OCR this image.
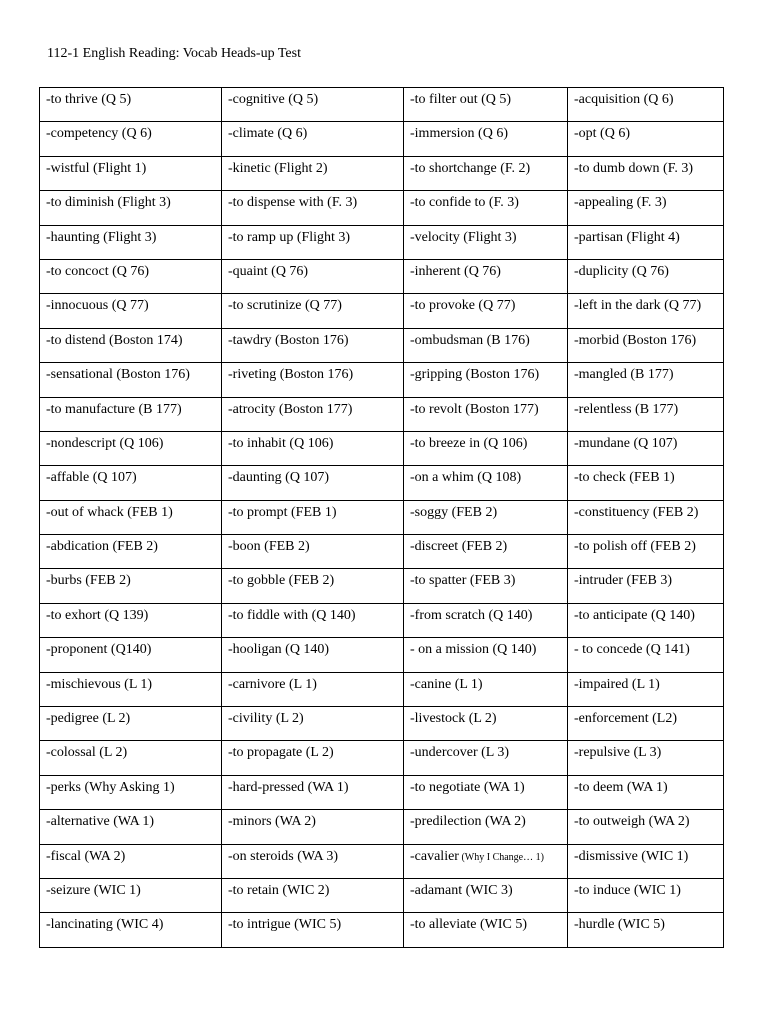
112-1 English Reading: Vocab Heads-up Test
-to thrive (Q 5)	-cognitive (Q 5)	-to filter out (Q 5)	-acquisition (Q 6)
-competency (Q 6)	-climate (Q 6)	-immersion (Q 6)	-opt (Q 6)
-wistful (Flight 1)	-kinetic (Flight 2)	-to shortchange (F. 2)	-to dumb down (F. 3)
-to diminish (Flight 3)	-to dispense with (F. 3)	-to confide to (F. 3)	-appealing (F. 3)
-haunting (Flight 3)	-to ramp up (Flight 3)	-velocity (Flight 3)	-partisan (Flight 4)
-to concoct (Q 76)	-quaint (Q 76)	-inherent (Q 76)	-duplicity (Q 76)
-innocuous (Q 77)	-to scrutinize (Q 77)	-to provoke (Q 77)	-left in the dark (Q 77)
-to distend (Boston 174)	-tawdry (Boston 176)	-ombudsman (B 176)	-morbid (Boston 176)
-sensational (Boston 176)	-riveting (Boston 176)	-gripping (Boston 176)	-mangled (B 177)
-to manufacture (B 177)	-atrocity (Boston 177)	-to revolt (Boston 177)	-relentless (B 177)
-nondescript (Q 106)	-to inhabit (Q 106)	-to breeze in (Q 106)	-mundane (Q 107)
-affable (Q 107)	-daunting (Q 107)	-on a whim (Q 108)	-to check (FEB 1)
-out of whack (FEB 1)	-to prompt (FEB 1)	-soggy (FEB 2)	-constituency (FEB 2)
-abdication (FEB 2)	-boon (FEB 2)	-discreet (FEB 2)	-to polish off (FEB 2)
-burbs (FEB 2)	-to gobble (FEB 2)	-to spatter (FEB 3)	-intruder (FEB 3)
-to exhort (Q 139)	-to fiddle with (Q 140)	-from scratch (Q 140)	-to anticipate (Q 140)
-proponent (Q140)	-hooligan (Q 140)	- on a mission (Q 140)	- to concede (Q 141)
-mischievous (L 1)	-carnivore (L 1)	-canine (L 1)	-impaired (L 1)
-pedigree (L 2)	-civility (L 2)	-livestock (L 2)	-enforcement (L2)
-colossal (L 2)	-to propagate (L 2)	-undercover (L 3)	-repulsive (L 3)
-perks (Why Asking 1)	-hard-pressed (WA 1)	-to negotiate (WA 1)	-to deem (WA 1)
-alternative (WA 1)	-minors (WA 2)	-predilection (WA 2)	-to outweigh (WA 2)
-fiscal (WA 2)	-on steroids (WA 3)	-cavalier (Why I Change… 1)	-dismissive (WIC 1)
-seizure (WIC 1)	-to retain (WIC 2)	-adamant (WIC 3)	-to induce (WIC 1)
-lancinating (WIC 4)	-to intrigue (WIC 5)	-to alleviate (WIC 5)	-hurdle (WIC 5)
